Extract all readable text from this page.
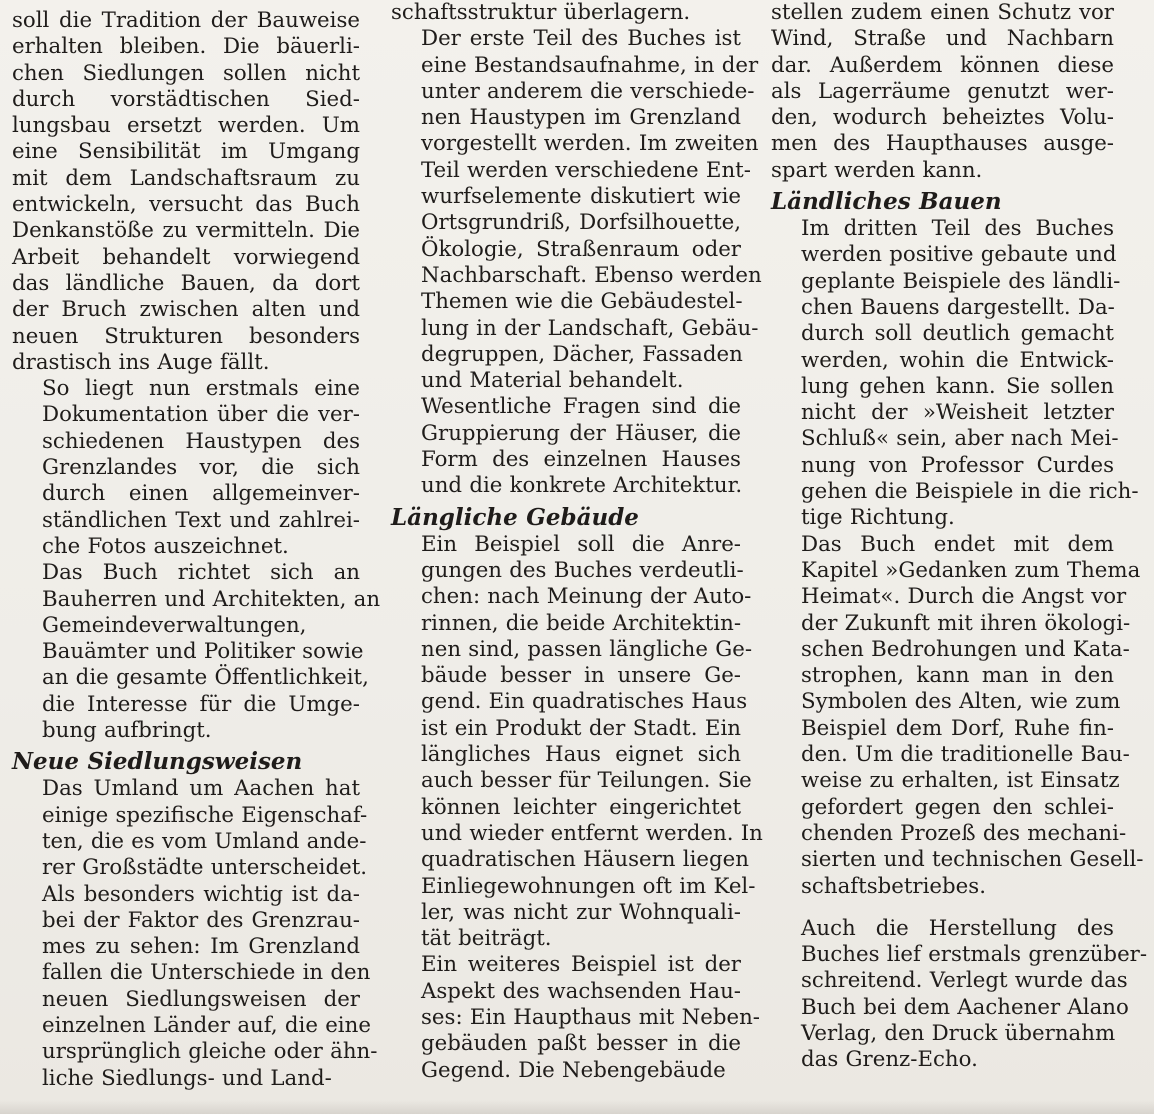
soll die Tradition der Bauweise
erhalten bleiben. Die bäuerli-
chen Siedlungen sollen nicht
durch vorstädtischen Sied-
lungsbau ersetzt werden. Um
eine Sensibilität im Umgang
mit dem Landschaftsraum zu
entwickeln, versucht das Buch
Denkanstöße zu vermitteln. Die
Arbeit behandelt vorwiegend
das ländliche Bauen, da dort
der Bruch zwischen alten und
neuen Strukturen besonders
drastisch ins Auge fällt.

So liegt nun erstmals eine
Dokumentation über die ver-
schiedenen Haustypen des
Grenzlandes vor, die sich
durch einen allgemeinver-
ständlichen Text und zahlrei-
che Fotos auszeichnet.

Das Buch richtet sich an
Bauherren und Architekten, an
Gemeindeverwaltungen,
Bauämter und Politiker sowie
an die gesamte Öffentlichkeit,
die Interesse für die Umge-
bung aufbringt.

Neue Siedlungsweisen

Das Umland um Aachen hat
einige spezifische Eigenschaf-
ten, die es vom Umland ande-
rer Großstädte unterscheidet.
Als besonders wichtig ist da-
bei der Faktor des Grenzrau-
mes zu sehen: Im Grenzland
fallen die Unterschiede in den
neuen Siedlungsweisen der
einzelnen Länder auf, die eine
ursprünglich gleiche oder ähn-
liche Siedlungs- und Land-

schaftsstruktur überlagern.

Der erste Teil des Buches ist
eine Bestandsaufnahme, in der
unter anderem die verschiede-
nen Haustypen im Grenzland
vorgestellt werden. Im zweiten
Teil werden verschiedene Ent-
wurfselemente diskutiert wie
Ortsgrundriß, Dorfsilhouette,
Ökologie, Straßenraum oder
Nachbarschaft. Ebenso werden
Themen wie die Gebäudestel-
lung in der Landschaft, Gebäu-
degruppen, Dächer, Fassaden
und Material behandelt.

Wesentliche Fragen sind die
Gruppierung der Häuser, die
Form des einzelnen Hauses
und die konkrete Architektur.

Längliche Gebäude

Ein Beispiel soll die Anre-
gungen des Buches verdeutli-
chen: nach Meinung der Auto-
rinnen, die beide Architektin-
nen sind, passen längliche Ge-
bäude besser in unsere Ge-
gend. Ein quadratisches Haus
ist ein Produkt der Stadt. Ein
längliches Haus eignet sich
auch besser für Teilungen. Sie
können leichter eingerichtet
und wieder entfernt werden. In
quadratischen Häusern liegen
Einliegewohnungen oft im Kel-
ler, was nicht zur Wohnquali-
tät beiträgt.

Ein weiteres Beispiel ist der
Aspekt des wachsenden Hau-
ses: Ein Haupthaus mit Neben-
gebäuden paßt besser in die
Gegend. Die Nebengebäude

stellen zudem einen Schutz vor
Wind, Straße und Nachbarn
dar. Außerdem können diese
als Lagerräume genutzt wer-
den, wodurch beheiztes Volu-
men des Haupthauses ausge-
spart werden kann.

Ländliches Bauen

Im dritten Teil des Buches
werden positive gebaute und
geplante Beispiele des ländli-
chen Bauens dargestellt. Da-
durch soll deutlich gemacht
werden, wohin die Entwick-
lung gehen kann. Sie sollen
nicht der »Weisheit letzter
Schluß« sein, aber nach Mei-
nung von Professor Curdes
gehen die Beispiele in die rich-
tige Richtung.

Das Buch endet mit dem
Kapitel »Gedanken zum Thema
Heimat«. Durch die Angst vor
der Zukunft mit ihren ökologi-
schen Bedrohungen und Kata-
strophen, kann man in den
Symbolen des Alten, wie zum
Beispiel dem Dorf, Ruhe fin-
den. Um die traditionelle Bau-
weise zu erhalten, ist Einsatz
gefordert gegen den schlei-
chenden Prozeß des mechani-
sierten und technischen Gesell-
schaftsbetriebes.

Auch die Herstellung des
Buches lief erstmals grenzüber-
schreitend. Verlegt wurde das
Buch bei dem Aachener Alano
Verlag, den Druck übernahm
das Grenz-Echo.
